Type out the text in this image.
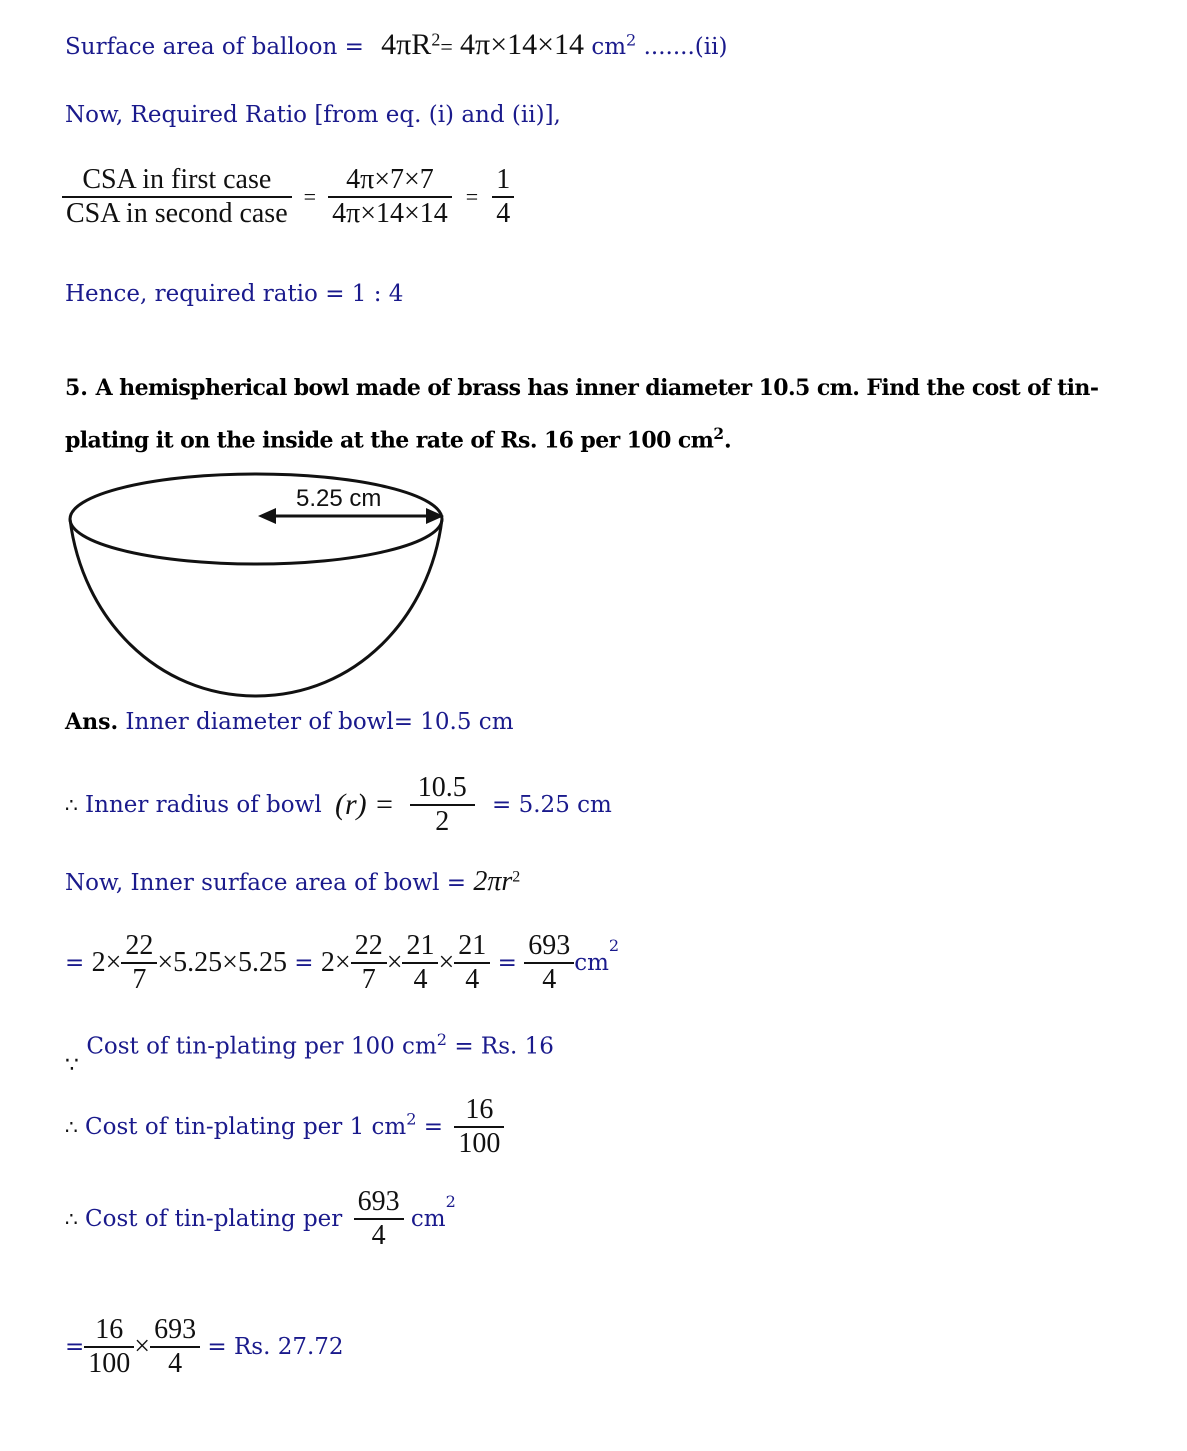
Surface area of balloon = $4\pi R^2= 4\pi\times 14\times 14$ $cm^2$ .......(ii)
Now, Required Ratio [from eq. (i) and (ii)],
$\frac{\text{CSA in first case}}{\text{CSA in second case}} = \frac{4\pi\times 7\times 7}{4\pi\times 14\times 14} = \frac{1}{4}$
Hence, required ratio = 1 : 4
5. A hemispherical bowl made of brass has inner diameter 10.5 cm. Find the cost of tin-
plating it on the inside at the rate of Rs. 16 per 100 $cm^2$.
5.25 cm
Ans. Inner diameter of bowl= 10.5 cm
∴ Inner radius of bowl $(r) = \frac{10.5}{2} = 5.25$ cm
Now, Inner surface area of bowl = $2\pi r^2$
= $2\times \frac{22}{7} \times 5.25\times 5.25 = 2\times \frac{22}{7} \times \frac{21}{4} \times \frac{21}{4} = \frac{693}{4} cm^2$
∵ Cost of tin-plating per 100 $cm^2 = Rs$. 16
∴ Cost of tin-plating per 1 $cm^2 = \frac{16}{100}$
∴ Cost of tin-plating per $\frac{693}{4} cm^2$
= $\frac{16}{100} \times \frac{693}{4} = Rs$. 27.72
